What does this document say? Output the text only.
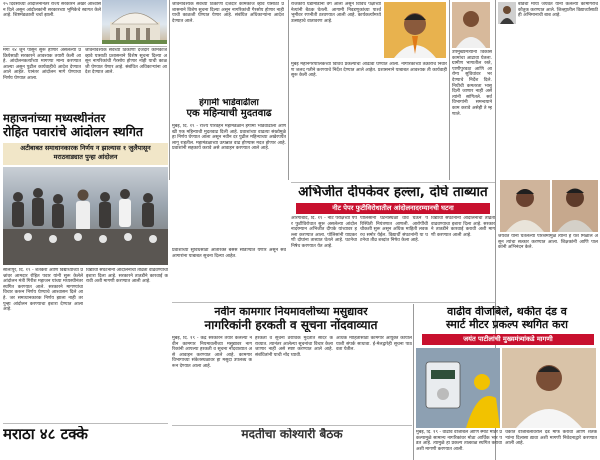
२५ दिवसांच्या आंदोलनानंतर राज्य सरकारने अखेर आश्वासन दिले असून आंदोलकांनी सरकारच्या भूमिकेचे स्वागत केले आहे. शिष्टमंडळाशी चर्चा झाली.
मेगा २४ जून पासून सुरू होणार असलेल्या प्रक्रियेसाठी सरकारने आवश्यक तयारी केली आहे. आंदोलनकर्त्यांच्या मागण्या मान्य करण्यात आल्या असून पुढील कार्यवाहीचे आदेश देण्यात आले आहेत. यानंतर आंदोलन मागे घेण्याचा निर्णय घेण्यात आला.
जीवनावश्यक सेवेच्या ठिकाणी दर्जेदार कामकाज व्हावे यासाठी प्रशासनाने विशेष सूचना दिल्या असून नागरिकांची गैरसोय होणार नाही याची काळजी घेण्यात येणार आहे. संबंधित अधिकाऱ्यांना आदेश देण्यात आले.
महाजनांच्या मध्यस्थीनंतर
रोहित पवारांचे आंदोलन स्थगित
अटीबाबत समाधानकारक निर्णय न झाल्यास १ जुलैपासून मराठवाड्यात पुन्हा आंदोलन
सोलापूर, दि. १९ - शेतकरी आणि विद्यार्थ्यांच्या प्रश्नांवर आमदार रोहित पवार यांनी सुरू केलेले आंदोलन मंत्री गिरीश महाजन यांच्या मध्यस्थीनंतर स्थगित करण्यात आले. सरकारने मागण्यांचा विचार करून निर्णय घेण्याचे आश्वासन दिले आहे. जर समाधानकारक निर्णय झाला नाही तर पुन्हा आंदोलन करण्याचा इशारा देण्यात आला आहे.
विद्यार्थी संघटनांनी आंदोलनाची तीव्रता वाढवण्याचा इशारा दिला आहे. सरकारने तातडीने कारवाई करावी अशी मागणी करण्यात आली आहे.
मराठा ४८ टक्के
जीवनावश्यक सेवेच्या ठिकाणी दर्जेदार कामकाज व्हावे यासाठी प्रशासनाने विशेष सूचना दिल्या असून नागरिकांची गैरसोय होणार नाही याची काळजी घेण्यात येणार आहे. संबंधित अधिकाऱ्यांना आदेश देण्यात आले.
हंगामी भाडेवाढीला
एक महिन्याची मुदतवाढ
मुंबई, दि. १९ - राज्य परिवहन महामंडळाने हंगामी भाडेवाढीला आणखी एक महिन्याची मुदतवाढ दिली आहे. प्रवाशांच्या वाढत्या संख्येमुळे हा निर्णय घेण्यात आला असून नवीन दर पुढील महिन्याच्या अखेरपर्यंत लागू राहतील. महामंडळाच्या उत्पन्नात वाढ होण्यास मदत होणार आहे. प्रवाशांनी सहकार्य करावे असे आवाहन करण्यात आले आहे.
प्रवाशांच्या सुविधेसाठी अतिरिक्त बसेस सोडण्यात येणार असून सर्व आगारांना याबाबत सूचना दिल्या आहेत.
राजकीय घडामोडींना वेग आला असून विविध पक्षांच्या नेत्यांनी बैठक घेतली. आगामी निवडणुकांच्या पार्श्वभूमीवर रणनीती ठरवण्यात आली आहे. कार्यकर्त्यांमध्ये उत्साहाचे वातावरण आहे.
मुंबई महानगरपालिकेच्या विविध प्रकल्पांचा आढावा घेण्यात आला. नागरिकांच्या तक्रारींचे निवारण जलद गतीने करण्याचे निर्देश देण्यात आले आहेत. प्रशासनाने याबाबत आवश्यक ती कार्यवाही सुरू केली आहे.
उपमुख्यमंत्र्यांनी विकासकामांचा आढावा घेतला. ग्रामीण भागातील रस्ते, पाणीपुरवठा आणि आरोग्य सुविधांवर भर देण्याचे निर्देश दिले. निधीची कमतरता भासू दिली जाणार नाही असे त्यांनी सांगितले. सर्व विभागांनी समन्वयाने काम करावे असेही ते म्हणाले.
बीडची माया जयवंत यांनी केलेल्या कामगिरीचे कौतुक करण्यात आले. जिल्ह्यातील विद्यार्थ्यांसाठी ही अभिमानाची बाब आहे.
जयवंत यांनी घेतलेल्या परिश्रमामुळे त्यांना हे यश मिळाले असून त्यांचा सत्कार करण्यात आला. शिक्षकांनी आणि पालकांनी अभिनंदन केले.
अभिजीत दीपकेवर हल्ला, दोघे ताब्यात
नीट पेपर फुटीविरोधातील आंदोलनादरम्यानची घटना
औरंगाबाद, दि. १९ - नीट परीक्षेच्या पेपर फुटीविरोधात सुरू असलेल्या आंदोलनादरम्यान अभिजीत दीपके यांच्यावर हल्ला करण्यात आला. पोलिसांनी याप्रकरणी दोघांना ताब्यात घेतले आहे. घटनेचा निषेध करण्यात येत आहे.
पोलिसांनी घटनास्थळी धाव घेऊन परिस्थिती नियंत्रणात आणली. आरोपींची चौकशी सुरू असून अधिक माहिती लवकरच समोर येईल. विद्यार्थी संघटनांनी या घटनेचा तीव्र शब्दांत निषेध केला आहे.
विद्यार्थी संघटनांनी आंदोलनाची तीव्रता वाढवण्याचा इशारा दिला आहे. सरकारने तातडीने कारवाई करावी अशी मागणी करण्यात आली आहे.
नवीन कामगार नियमावलीच्या मसुद्यावर
नागरिकांनी हरकती व सूचना नोंदवाव्यात
मुंबई, दि. १९ - केंद्र सरकारने तयार केलेल्या नवीन कामगार नियमावलीच्या मसुद्यावर नागरिकांनी आपल्या हरकती व सूचना नोंदवाव्यात असे आवाहन करण्यात आले आहे. कामगार विभागाच्या संकेतस्थळावर हा मसुदा उपलब्ध करून देण्यात आला आहे.
हरकती व सूचना ठराविक मुदतीत सादर कराव्यात. त्यानंतर आलेल्या सूचनांचा विचार केला जाणार नाही असे स्पष्ट करण्यात आले आहे. संबंधितांनी याची नोंद घ्यावी.
अधिक माहितीसाठी कामगार आयुक्त कार्यालयाशी संपर्क साधावा. ई-मेलद्वारेही सूचना पाठवता येतील.
मदतीचा कोश्यारी बैठक
वाढीव वीजबिले, थकीत दंड व
स्मार्ट मीटर प्रकल्प स्थगित करा
जयंत पाटीलांची मुख्यमंत्र्यांकडे मागणी
मुंबई, दि. १९ - वाढीव वीजबिले आणि स्मार्ट मीटर प्रकल्पामुळे सामान्य नागरिकांवर मोठा आर्थिक भार पडत आहे. त्यामुळे हा प्रकल्प तात्काळ स्थगित करावा अशी मागणी करण्यात आली.
थकीत वीजबिलावरील दंड माफ करावा आणि शेतकऱ्यांना दिलासा द्यावा अशी मागणी निवेदनाद्वारे करण्यात आली आहे.
